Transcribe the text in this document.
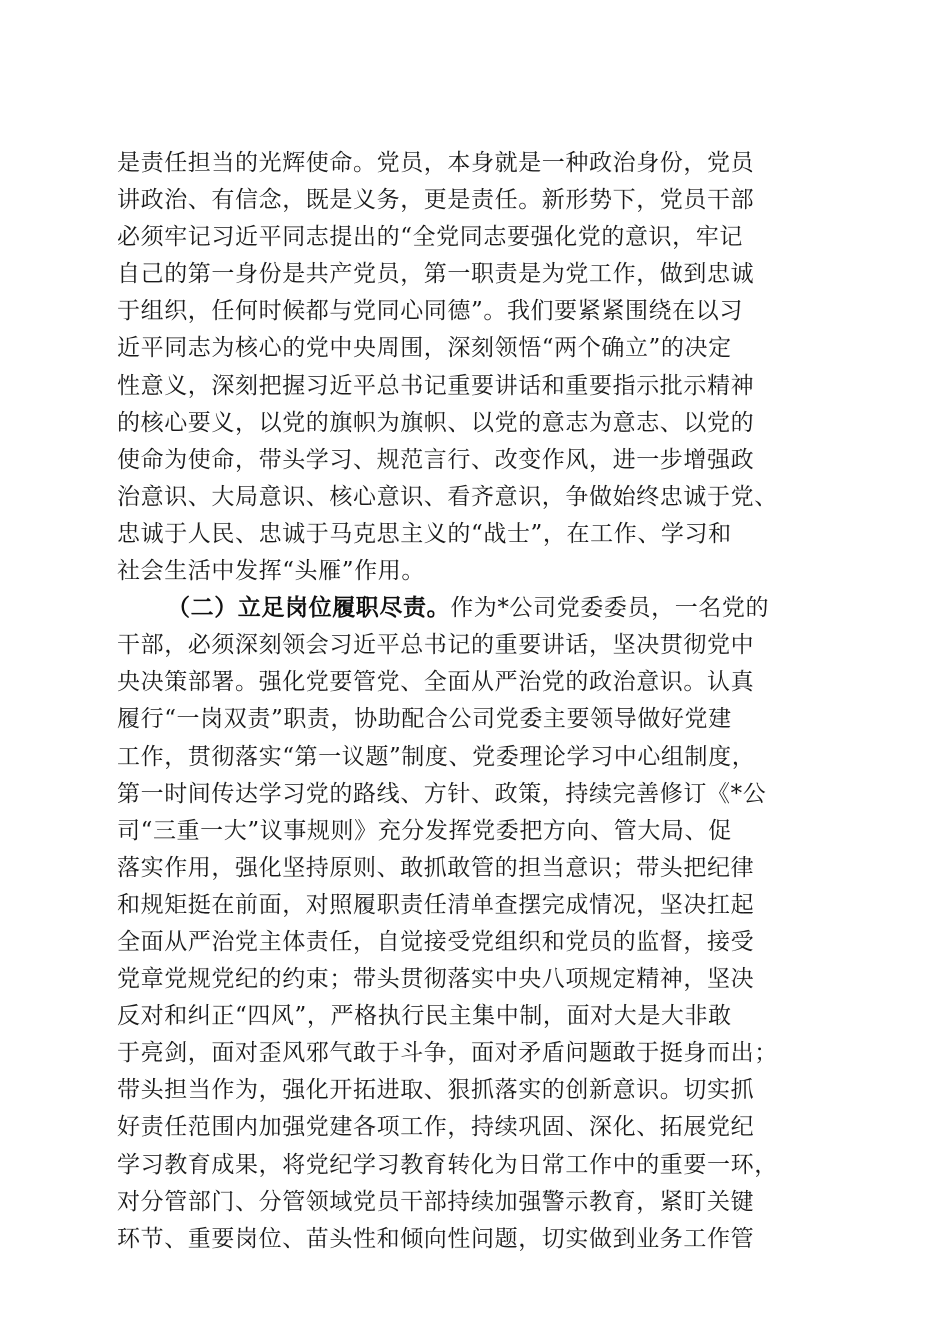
是责任担当的光辉使命。党员，本身就是一种政治身份，党员
讲政治、有信念，既是义务，更是责任。新形势下，党员干部
必须牢记习近平同志提出的“全党同志要强化党的意识，牢记
自己的第一身份是共产党员，第一职责是为党工作，做到忠诚
于组织，任何时候都与党同心同德”。我们要紧紧围绕在以习
近平同志为核心的党中央周围，深刻领悟“两个确立”的决定
性意义，深刻把握习近平总书记重要讲话和重要指示批示精神
的核心要义，以党的旗帜为旗帜、以党的意志为意志、以党的
使命为使命，带头学习、规范言行、改变作风，进一步增强政
治意识、大局意识、核心意识、看齐意识，争做始终忠诚于党、
忠诚于人民、忠诚于马克思主义的“战士”，在工作、学习和
社会生活中发挥“头雁”作用。
（二）立足岗位履职尽责。作为*公司党委委员，一名党的
干部，必须深刻领会习近平总书记的重要讲话，坚决贯彻党中
央决策部署。强化党要管党、全面从严治党的政治意识。认真
履行“一岗双责”职责，协助配合公司党委主要领导做好党建
工作，贯彻落实“第一议题”制度、党委理论学习中心组制度，
第一时间传达学习党的路线、方针、政策，持续完善修订《*公
司“三重一大”议事规则》充分发挥党委把方向、管大局、促
落实作用，强化坚持原则、敢抓敢管的担当意识；带头把纪律
和规矩挺在前面，对照履职责任清单查摆完成情况，坚决扛起
全面从严治党主体责任，自觉接受党组织和党员的监督，接受
党章党规党纪的约束；带头贯彻落实中央八项规定精神，坚决
反对和纠正“四风”，严格执行民主集中制，面对大是大非敢
于亮剑，面对歪风邪气敢于斗争，面对矛盾问题敢于挺身而出；
带头担当作为，强化开拓进取、狠抓落实的创新意识。切实抓
好责任范围内加强党建各项工作，持续巩固、深化、拓展党纪
学习教育成果，将党纪学习教育转化为日常工作中的重要一环，
对分管部门、分管领域党员干部持续加强警示教育，紧盯关键
环节、重要岗位、苗头性和倾向性问题，切实做到业务工作管
